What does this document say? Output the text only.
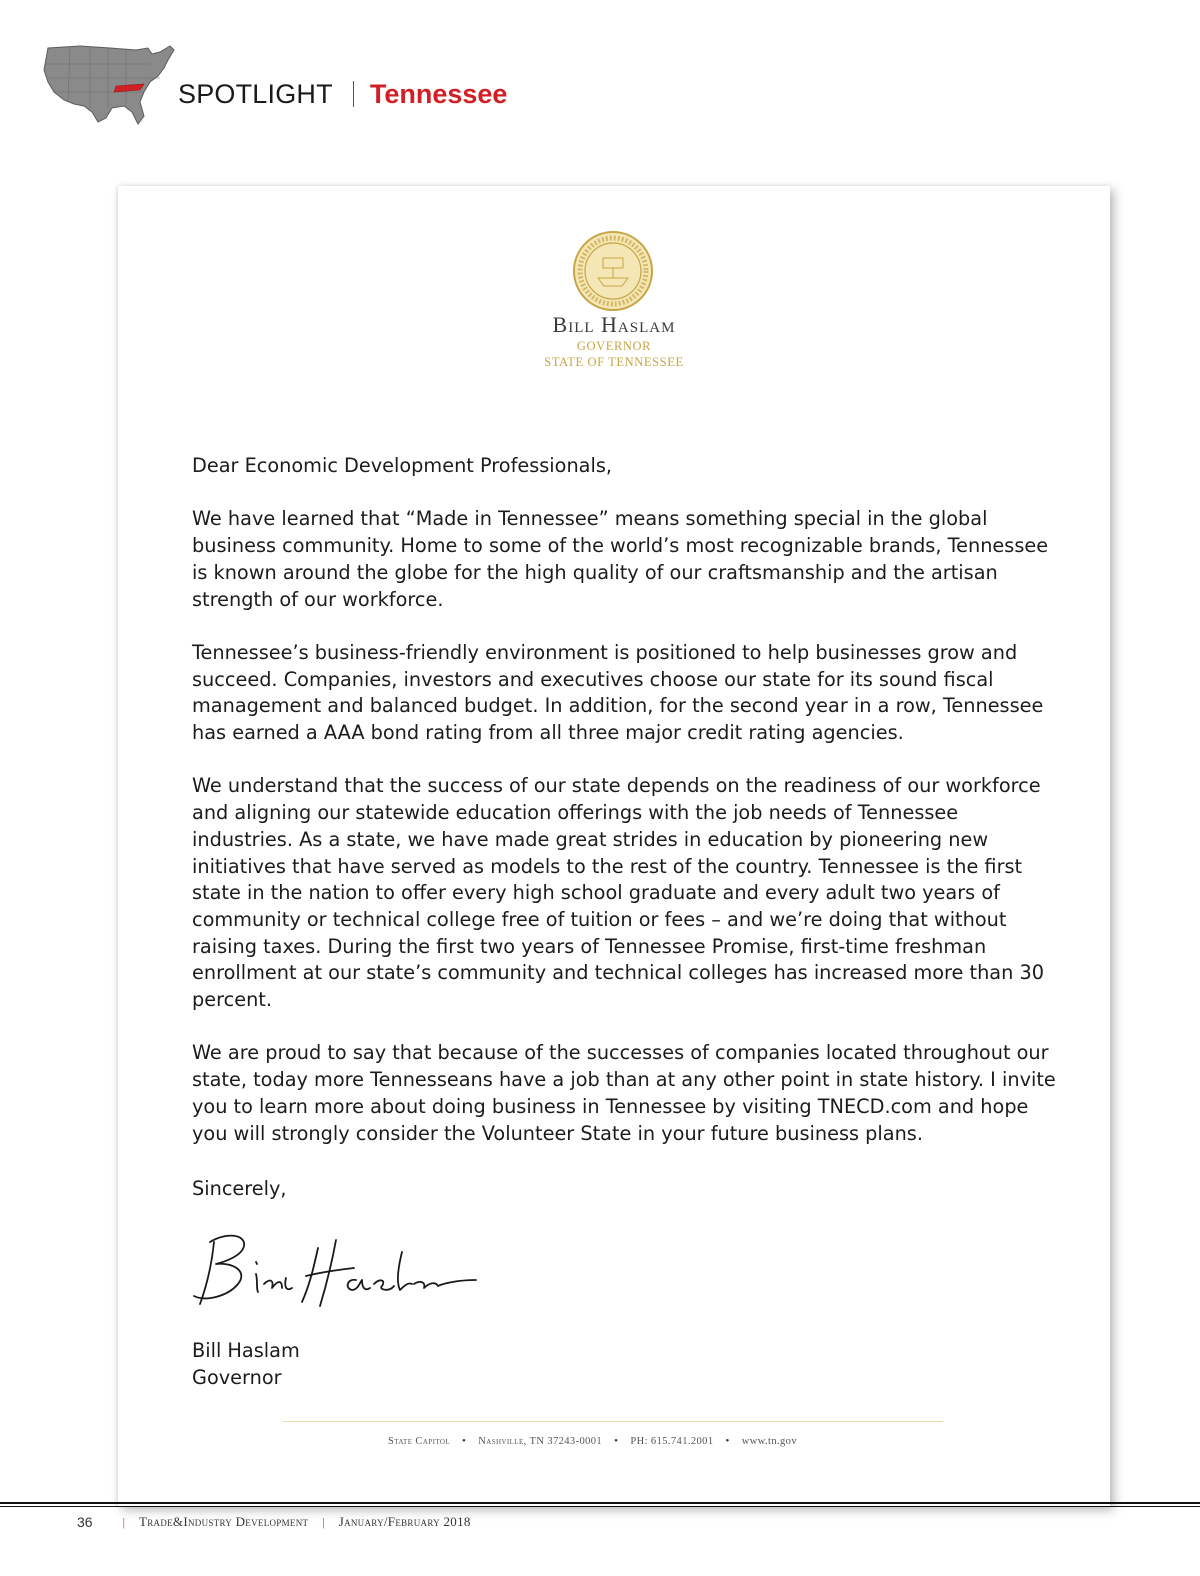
SPOTLIGHT Tennessee
Bill Haslam
GOVERNOR
STATE OF TENNESSEE
Dear Economic Development Professionals,

We have learned that “Made in Tennessee” means something special in the global business community. Home to some of the world’s most recognizable brands, Tennessee is known around the globe for the high quality of our craftsmanship and the artisan strength of our workforce.

Tennessee’s business-friendly environment is positioned to help businesses grow and succeed. Companies, investors and executives choose our state for its sound fiscal management and balanced budget. In addition, for the second year in a row, Tennessee has earned a AAA bond rating from all three major credit rating agencies.

We understand that the success of our state depends on the readiness of our workforce and aligning our statewide education offerings with the job needs of Tennessee industries. As a state, we have made great strides in education by pioneering new initiatives that have served as models to the rest of the country. Tennessee is the first state in the nation to offer every high school graduate and every adult two years of community or technical college free of tuition or fees – and we’re doing that without raising taxes. During the first two years of Tennessee Promise, first-time freshman enrollment at our state’s community and technical colleges has increased more than 30 percent.

We are proud to say that because of the successes of companies located throughout our state, today more Tennesseans have a job than at any other point in state history. I invite you to learn more about doing business in Tennessee by visiting TNECD.com and hope you will strongly consider the Volunteer State in your future business plans.

Sincerely,
Bill Haslam
Governor
State Capitol • Nashville, TN 37243-0001 • PH: 615.741.2001 • www.tn.gov
36	| Trade&Industry Development | January/February 2018
